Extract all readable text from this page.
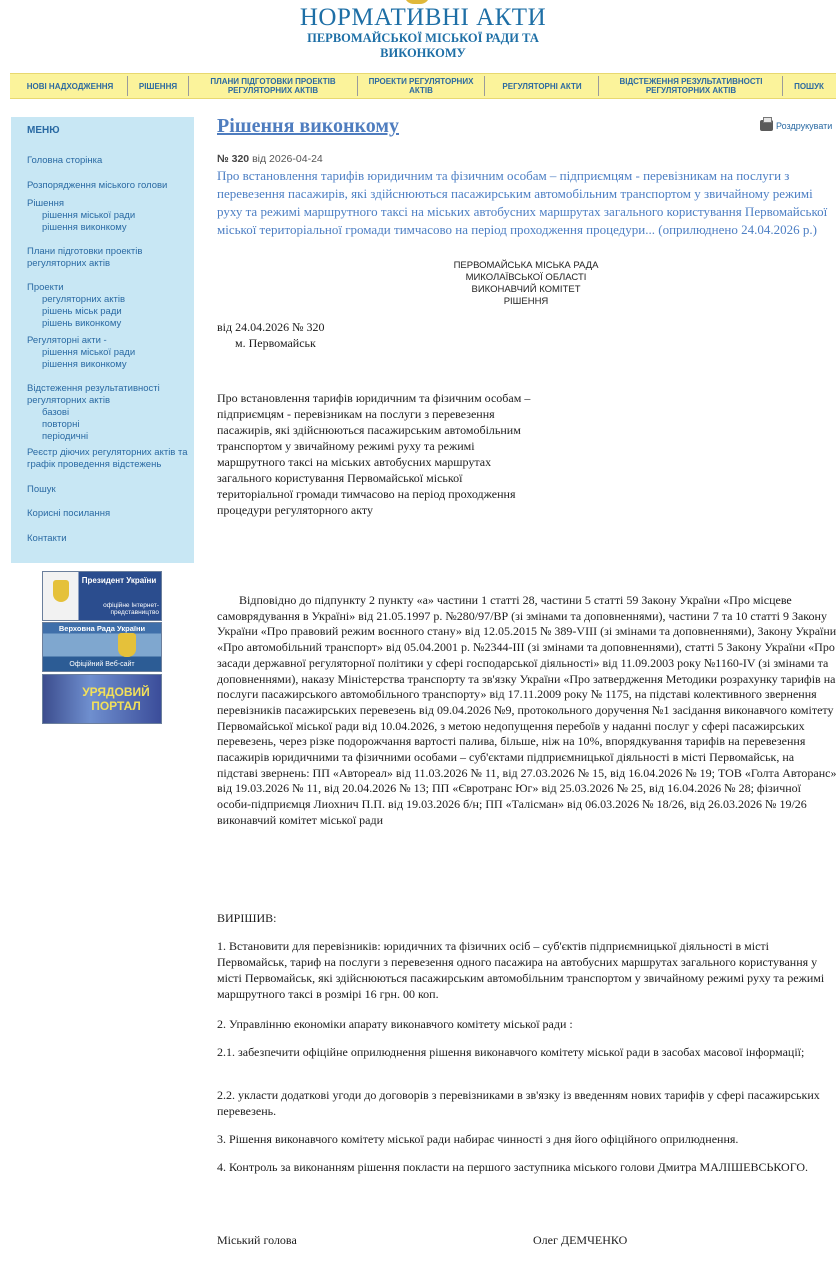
НОРМАТИВНІ АКТИ
ПЕРВОМАЙСЬКОЇ МІСЬКОЇ РАДИ ТА ВИКОНКОМУ
НОВІ НАДХОДЖЕННЯ	РІШЕННЯ	ПЛАНИ ПІДГОТОВКИ ПРОЕКТІВ РЕГУЛЯТОРНИХ АКТІВ
ПРОЕКТИ РЕГУЛЯТОРНИХ АКТІВ	РЕГУЛЯТОРНІ АКТИ	ВІДСТЕЖЕННЯ РЕЗУЛЬТАТИВНОСТІ РЕГУЛЯТОРНИХ АКТІВ	ПОШУК
МЕНЮ
Головна сторінка
Розпорядження міського голови
Рішення
рішення міської ради
рішення виконкому
Плани підготовки проектів регуляторних актів
Проекти
регуляторних актів
рішень міськ ради
рішень виконкому
Регуляторні акти -
рішення міської ради
рішення виконкому
Відстеження результативності регуляторних актів
базові
повторні
періодичні
Реєстр діючих регуляторних актів та графік проведення відстежень
Пошук
Корисні посилання
Контакти
Президент України
офіційне Інтернет-представництво
Верховна Рада України
Офіційний Веб-сайт
УРЯДОВИЙ ПОРТАЛ
Рішення виконкому	Роздрукувати
№ 320 від 2026-04-24
Про встановлення тарифів юридичним та фізичним особам – підприємцям - перевізникам на послуги з перевезення пасажирів, які здійснюються пасажирським автомобільним транспортом у звичайному режимі руху та режимі маршрутного таксі на міських автобусних маршрутах загального користування Первомайської міської територіальної громади тимчасово на період проходження процедури... (оприлюднено 24.04.2026 р.)
ПЕРВОМАЙСЬКА МІСЬКА РАДА
МИКОЛАЇВСЬКОЇ ОБЛАСТІ
ВИКОНАВЧИЙ КОМІТЕТ
РІШЕННЯ
від 24.04.2026 № 320
м. Первомайськ
Про встановлення тарифів юридичним та фізичним особам – підприємцям - перевізникам на послуги з перевезення пасажирів, які здійснюються пасажирським автомобільним транспортом у звичайному режимі руху та режимі маршрутного таксі на міських автобусних маршрутах загального користування Первомайської міської територіальної громади тимчасово на період проходження процедури регуляторного акту
Відповідно до підпункту 2 пункту «а» частини 1 статті 28, частини 5 статті 59 Закону України «Про місцеве самоврядування в Україні» від 21.05.1997 р. №280/97/ВР (зі змінами та доповненнями), частини 7 та 10 статті 9 Закону України «Про правовий режим воєнного стану» від 12.05.2015 № 389-VIII (зі змінами та доповненнями), Закону України «Про автомобільний транспорт» від 05.04.2001 р. №2344-III (зі змінами та доповненнями), статті 5 Закону України «Про засади державної регуляторної політики у сфері господарської діяльності» від 11.09.2003 року №1160-IV (зі змінами та доповненнями), наказу Міністерства транспорту та зв'язку України «Про затвердження Методики розрахунку тарифів на послуги пасажирського автомобільного транспорту» від 17.11.2009 року № 1175, на підставі колективного звернення перевізників пасажирських перевезень від 09.04.2026 №9, протокольного доручення №1 засідання виконавчого комітету Первомайської міської ради від 10.04.2026, з метою недопущення перебоїв у наданні послуг у сфері пасажирських перевезень, через різке подорожчання вартості палива, більше, ніж на 10%, впорядкування тарифів на перевезення пасажирів юридичними та фізичними особами – суб'єктами підприємницької діяльності в місті Первомайськ, на підставі звернень: ПП «Автореал» від 11.03.2026 № 11, від 27.03.2026 № 15, від 16.04.2026 № 19; ТОВ «Голта Авторанс» від 19.03.2026 № 11, від 20.04.2026 № 13; ПП «Євротранс Юг» від 25.03.2026 № 25, від 16.04.2026 № 28; фізичної особи-підприємця Лиохнич П.П. від 19.03.2026 б/н; ПП «Талісман» від 06.03.2026 № 18/26, від 26.03.2026 № 19/26 виконавчий комітет міської ради
ВИРІШИВ:
1. Встановити для перевізників: юридичних та фізичних осіб – суб'єктів підприємницької діяльності в місті Первомайськ, тариф на послуги з перевезення одного пасажира на автобусних маршрутах загального користування у місті Первомайськ, які здійснюються пасажирським автомобільним транспортом у звичайному режимі руху та режимі маршрутного таксі в розмірі 16 грн. 00 коп.
2. Управлінню економіки апарату виконавчого комітету міської ради :
2.1. забезпечити офіційне оприлюднення рішення виконавчого комітету міської ради в засобах масової інформації;
2.2. укласти додаткові угоди до договорів з перевізниками в зв'язку із введенням нових тарифів у сфері пасажирських перевезень.
3. Рішення виконавчого комітету міської ради набирає чинності з дня його офіційного оприлюднення.
4. Контроль за виконанням рішення покласти на першого заступника міського голови Дмитра МАЛІШЕВСЬКОГО.
Міський голова	Олег ДЕМЧЕНКО
